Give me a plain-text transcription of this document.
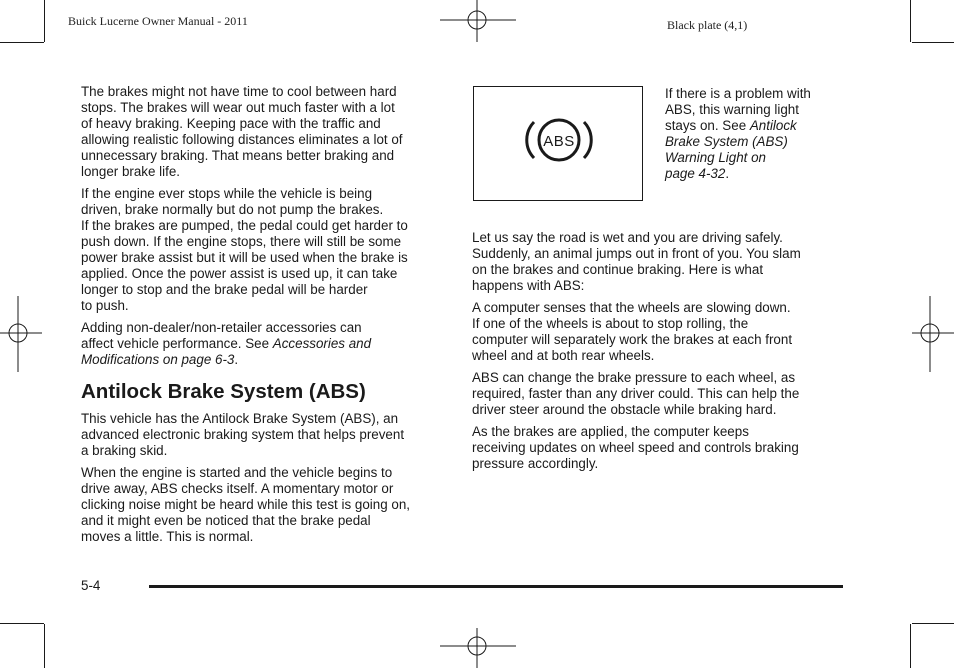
Buick Lucerne Owner Manual - 2011	Black plate (4,1)

The brakes might not have time to cool between hard
stops. The brakes will wear out much faster with a lot
of heavy braking. Keeping pace with the traffic and
allowing realistic following distances eliminates a lot of
unnecessary braking. That means better braking and
longer brake life.

If the engine ever stops while the vehicle is being
driven, brake normally but do not pump the brakes.
If the brakes are pumped, the pedal could get harder to
push down. If the engine stops, there will still be some
power brake assist but it will be used when the brake is
applied. Once the power assist is used up, it can take
longer to stop and the brake pedal will be harder
to push.

Adding non-dealer/non-retailer accessories can
affect vehicle performance. See Accessories and
Modifications on page 6-3.

Antilock Brake System (ABS)

This vehicle has the Antilock Brake System (ABS), an
advanced electronic braking system that helps prevent
a braking skid.

When the engine is started and the vehicle begins to
drive away, ABS checks itself. A momentary motor or
clicking noise might be heard while this test is going on,
and it might even be noticed that the brake pedal
moves a little. This is normal.

ABS

If there is a problem with
ABS, this warning light
stays on. See Antilock
Brake System (ABS)
Warning Light on
page 4-32.

Let us say the road is wet and you are driving safely.
Suddenly, an animal jumps out in front of you. You slam
on the brakes and continue braking. Here is what
happens with ABS:

A computer senses that the wheels are slowing down.
If one of the wheels is about to stop rolling, the
computer will separately work the brakes at each front
wheel and at both rear wheels.

ABS can change the brake pressure to each wheel, as
required, faster than any driver could. This can help the
driver steer around the obstacle while braking hard.

As the brakes are applied, the computer keeps
receiving updates on wheel speed and controls braking
pressure accordingly.

5-4
